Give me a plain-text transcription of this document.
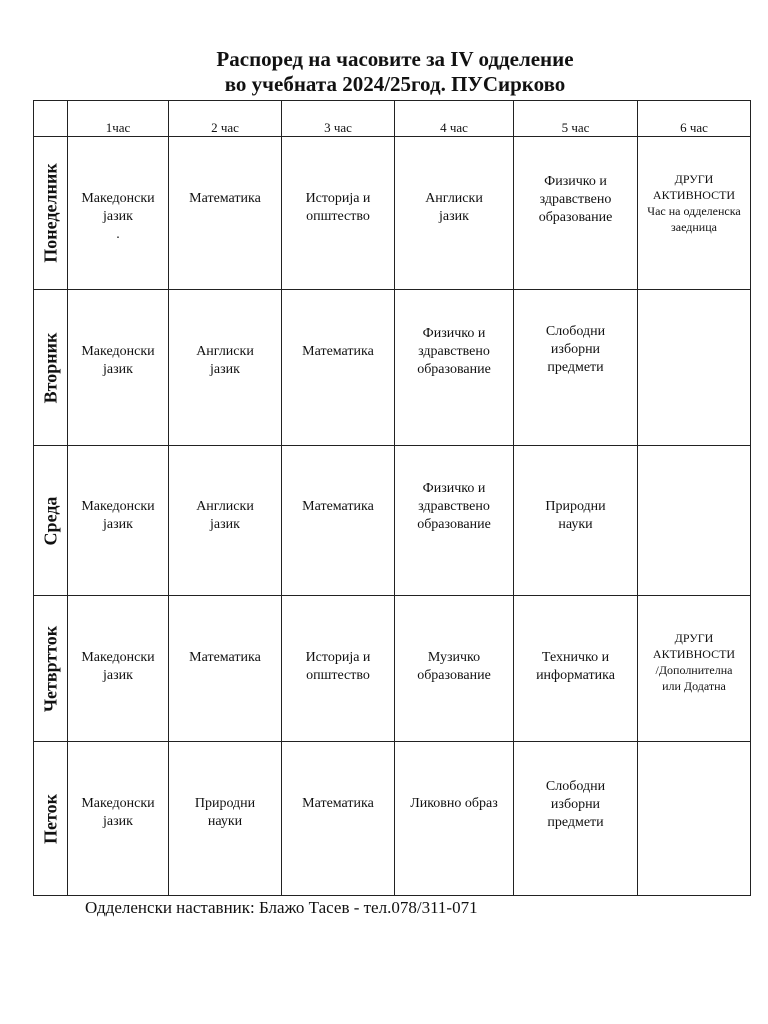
Распоред на часовите за IV одделение
во учебната 2024/25год. ПУСирково
	1час	2 час	3 час	4 час	5 час	6 час

Понеделник	Македонски
јазик
.	Математика	Историја и
општество	Англиски
јазик	Физичко и
здравствено
образование	ДРУГИ
АКТИВНОСТИ
Час на одделенска
заедница

Вторник	Македонски
јазик	Англиски
јазик	Математика	Физичко и
здравствено
образование	Слободни
изборни
предмети	

Среда	Македонски
јазик	Англиски
јазик	Математика	Физичко и
здравствено
образование	Природни
науки	

Четвртток	Македонски
јазик	Математика	Историја и
општество	Музичко
образование	Техничко и
информатика	ДРУГИ
АКТИВНОСТИ
/Дополнителна
или Додатна

Петок	Македонски
јазик	Природни
науки	Математика	Ликовно образ	Слободни
изборни
предмети	

Одделенски наставник: Блажо Тасев - тел.078/311-071
